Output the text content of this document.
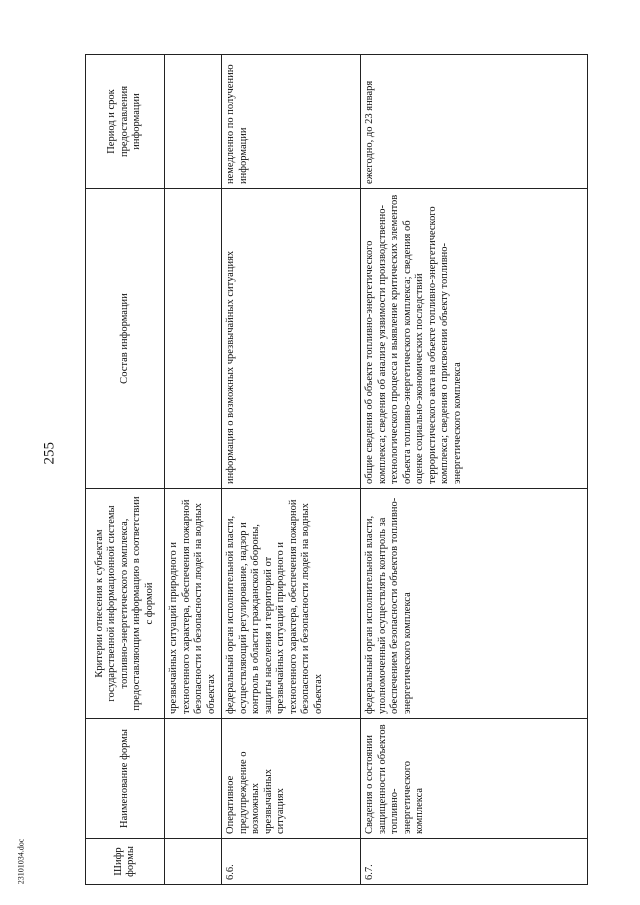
255
23101034.doc	Шифр формы	Наименование формы	Критерии отнесения к субъектам государственной информационной системы топливно-энергетического комплекса, предоставляющим информацию в соответствии с формой	Состав информации	Период и срок предоставления информации
		чрезвычайных ситуаций природного и техногенного характера, обеспечения пожарной безопасности и безопасности людей на водных объектах		
6.6.	Оперативное предупреждение о возможных чрезвычайных ситуациях	федеральный орган исполнительной власти, осуществляющий регулирование, надзор и контроль в области гражданской обороны, защиты населения и территорий от чрезвычайных ситуаций природного и техногенного характера, обеспечения пожарной безопасности и безопасности людей на водных объектах	информация о возможных чрезвычайных ситуациях	немедленно по получению информации
6.7.	Сведения о состоянии защищенности объектов топливно-энергетического комплекса	федеральный орган исполнительной власти, уполномоченный осуществлять контроль за обеспечением безопасности объектов топливно-энергетического комплекса	общие сведения об объекте топливно-энергетического комплекса; сведения об анализе уязвимости производственно-технологического процесса и выявление критических элементов объекта топливно-энергетического комплекса; сведения об оценке социально-экономических последствий террористического акта на объекте топливно-энергетического комплекса; сведения о присвоении объекту топливно-энергетического комплекса	ежегодно, до 23 января
